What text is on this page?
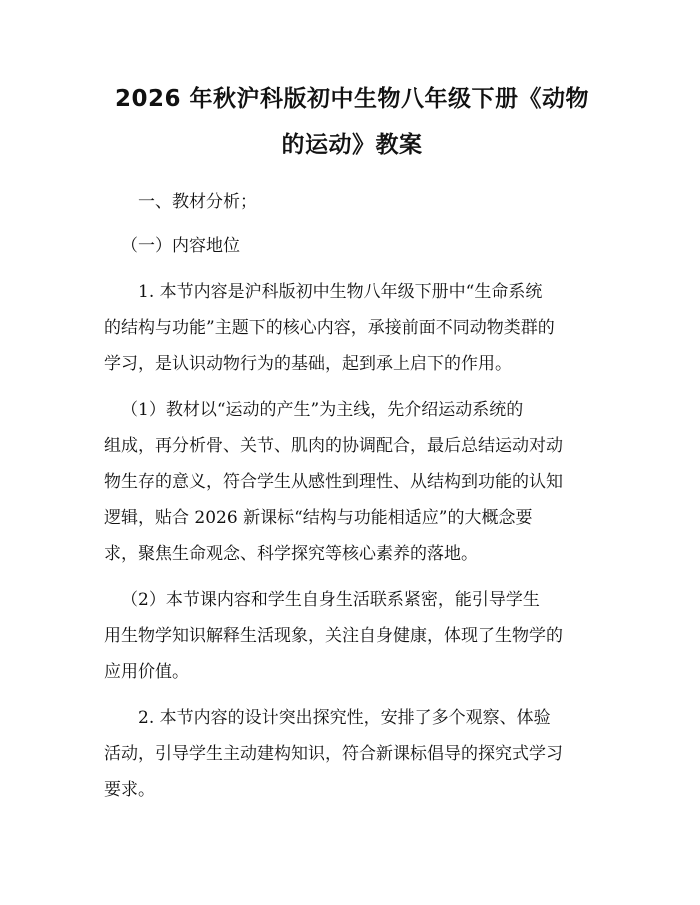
2026 年秋沪科版初中生物八年级下册《动物
的运动》教案

一、教材分析；

（一）内容地位

1. 本节内容是沪科版初中生物八年级下册中“生命系统
的结构与功能”主题下的核心内容，承接前面不同动物类群的
学习，是认识动物行为的基础，起到承上启下的作用。
（1）教材以“运动的产生”为主线，先介绍运动系统的
组成，再分析骨、关节、肌肉的协调配合，最后总结运动对动
物生存的意义，符合学生从感性到理性、从结构到功能的认知
逻辑，贴合 2026 新课标“结构与功能相适应”的大概念要
求，聚焦生命观念、科学探究等核心素养的落地。
（2）本节课内容和学生自身生活联系紧密，能引导学生
用生物学知识解释生活现象，关注自身健康，体现了生物学的
应用价值。
2. 本节内容的设计突出探究性，安排了多个观察、体验
活动，引导学生主动建构知识，符合新课标倡导的探究式学习
要求。
